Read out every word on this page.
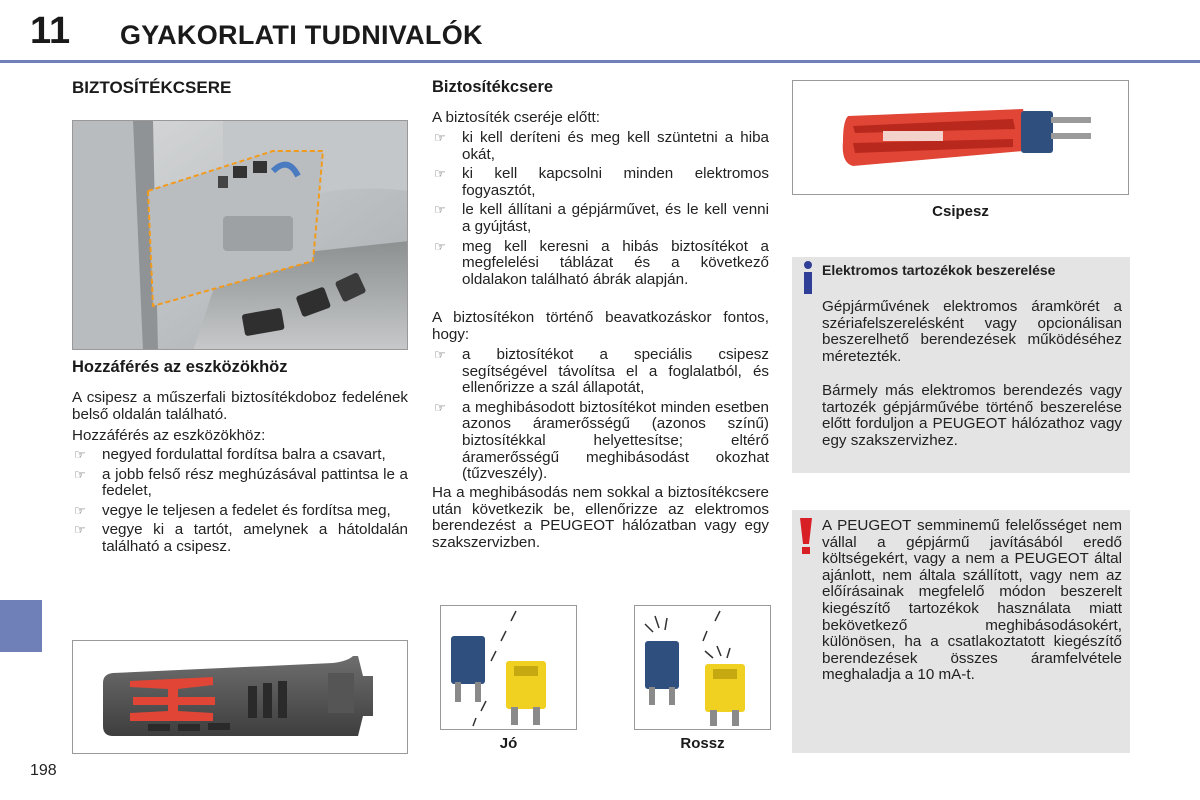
11 GYAKORLATI TUDNIVALÓK
198
BIZTOSÍTÉKCSERE
Hozzáférés az eszközökhöz
A csipesz a műszerfali biztosítékdoboz fedelének belső oldalán található.
Hozzáférés az eszközökhöz:
☞ negyed fordulattal fordítsa balra a csavart,
☞ a jobb felső rész meghúzásával pattintsa le a fedelet,
☞ vegye le teljesen a fedelet és fordítsa meg,
☞ vegye ki a tartót, amelynek a hátoldalán található a csipesz.
Biztosítékcsere
A biztosíték cseréje előtt:
☞ ki kell deríteni és meg kell szüntetni a hiba okát,
☞ ki kell kapcsolni minden elektromos fogyasztót,
☞ le kell állítani a gépjárművet, és le kell venni a gyújtást,
☞ meg kell keresni a hibás biztosítékot a megfelelési táblázat és a következő oldalakon található ábrák alapján.
A biztosítékon történő beavatkozáskor fontos, hogy:
☞ a biztosítékot a speciális csipesz segítségével távolítsa el a foglalatból, és ellenőrizze a szál állapotát,
☞ a meghibásodott biztosítékot minden esetben azonos áramerősségű (azonos színű) biztosítékkal helyettesítse; eltérő áramerősségű meghibásodást okozhat (tűzveszély).
Ha a meghibásodás nem sokkal a biztosítékcsere után következik be, ellenőrizze az elektromos berendezést a PEUGEOT hálózatban vagy egy szakszervizben.
Jó	Rossz
Csipesz
Elektromos tartozékok beszerelése
Gépjárművének elektromos áramkörét a szériafelszerelésként vagy opcionálisan beszerelhető berendezések működéséhez méretezték.
Bármely más elektromos berendezés vagy tartozék gépjárművébe történő beszerelése előtt forduljon a PEUGEOT hálózathoz vagy egy szakszervizhez.
A PEUGEOT semminemű felelősséget nem vállal a gépjármű javításából eredő költségekért, vagy a nem a PEUGEOT által ajánlott, nem általa szállított, vagy nem az előírásainak megfelelő módon beszerelt kiegészítő tartozékok használata miatt bekövetkező meghibásodásokért, különösen, ha a csatlakoztatott kiegészítő berendezések összes áramfelvétele meghaladja a 10 mA-t.
